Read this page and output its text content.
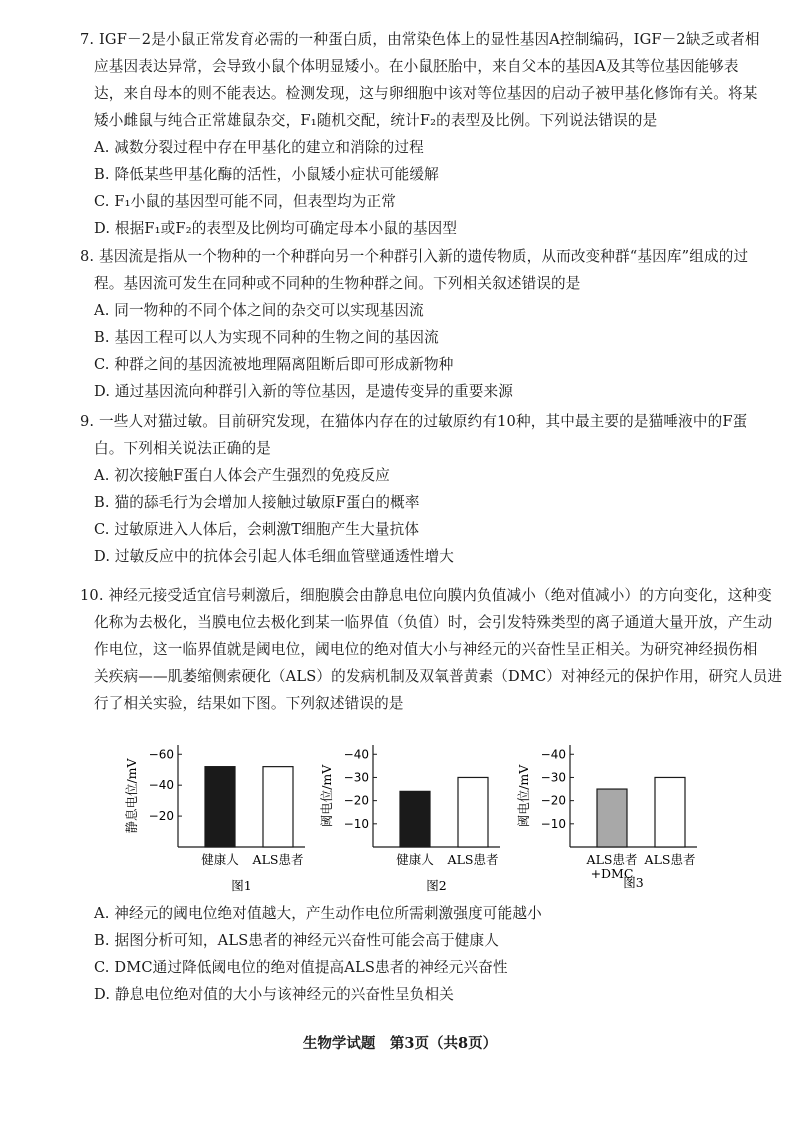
7. IGF－2是小鼠正常发育必需的一种蛋白质，由常染色体上的显性基因A控制编码，IGF－2缺乏或者相
应基因表达异常，会导致小鼠个体明显矮小。在小鼠胚胎中，来自父本的基因A及其等位基因能够表
达，来自母本的则不能表达。检测发现，这与卵细胞中该对等位基因的启动子被甲基化修饰有关。将某
矮小雌鼠与纯合正常雄鼠杂交，F₁随机交配，统计F₂的表型及比例。下列说法错误的是
A. 减数分裂过程中存在甲基化的建立和消除的过程
B. 降低某些甲基化酶的活性，小鼠矮小症状可能缓解
C. F₁小鼠的基因型可能不同，但表型均为正常
D. 根据F₁或F₂的表型及比例均可确定母本小鼠的基因型
8. 基因流是指从一个物种的一个种群向另一个种群引入新的遗传物质，从而改变种群“基因库”组成的过
程。基因流可发生在同种或不同种的生物种群之间。下列相关叙述错误的是
A. 同一物种的不同个体之间的杂交可以实现基因流
B. 基因工程可以人为实现不同种的生物之间的基因流
C. 种群之间的基因流被地理隔离阻断后即可形成新物种
D. 通过基因流向种群引入新的等位基因，是遗传变异的重要来源
9. 一些人对猫过敏。目前研究发现，在猫体内存在的过敏原约有10种，其中最主要的是猫唾液中的F蛋
白。下列相关说法正确的是
A. 初次接触F蛋白人体会产生强烈的免疫反应
B. 猫的舔毛行为会增加人接触过敏原F蛋白的概率
C. 过敏原进入人体后，会刺激T细胞产生大量抗体
D. 过敏反应中的抗体会引起人体毛细血管壁通透性增大
10. 神经元接受适宜信号刺激后，细胞膜会由静息电位向膜内负值减小（绝对值减小）的方向变化，这种变
化称为去极化，当膜电位去极化到某一临界值（负值）时，会引发特殊类型的离子通道大量开放，产生动
作电位，这一临界值就是阈电位，阈电位的绝对值大小与神经元的兴奋性呈正相关。为研究神经损伤相
关疾病——肌萎缩侧索硬化（ALS）的发病机制及双氧普黄素（DMC）对神经元的保护作用，研究人员进
行了相关实验，结果如下图。下列叙述错误的是
静息电位/mV
−60
−40
−20
健康人 ALS患者
图1
阈电位/mV
−40
−30
−20
−10
健康人 ALS患者
图2
阈电位/mV
−40
−30
−20
−10
ALS患者
+DMC
ALS患者
图3
A. 神经元的阈电位绝对值越大，产生动作电位所需刺激强度可能越小
B. 据图分析可知，ALS患者的神经元兴奋性可能会高于健康人
C. DMC通过降低阈电位的绝对值提高ALS患者的神经元兴奋性
D. 静息电位绝对值的大小与该神经元的兴奋性呈负相关
生物学试题　第3页（共8页）
